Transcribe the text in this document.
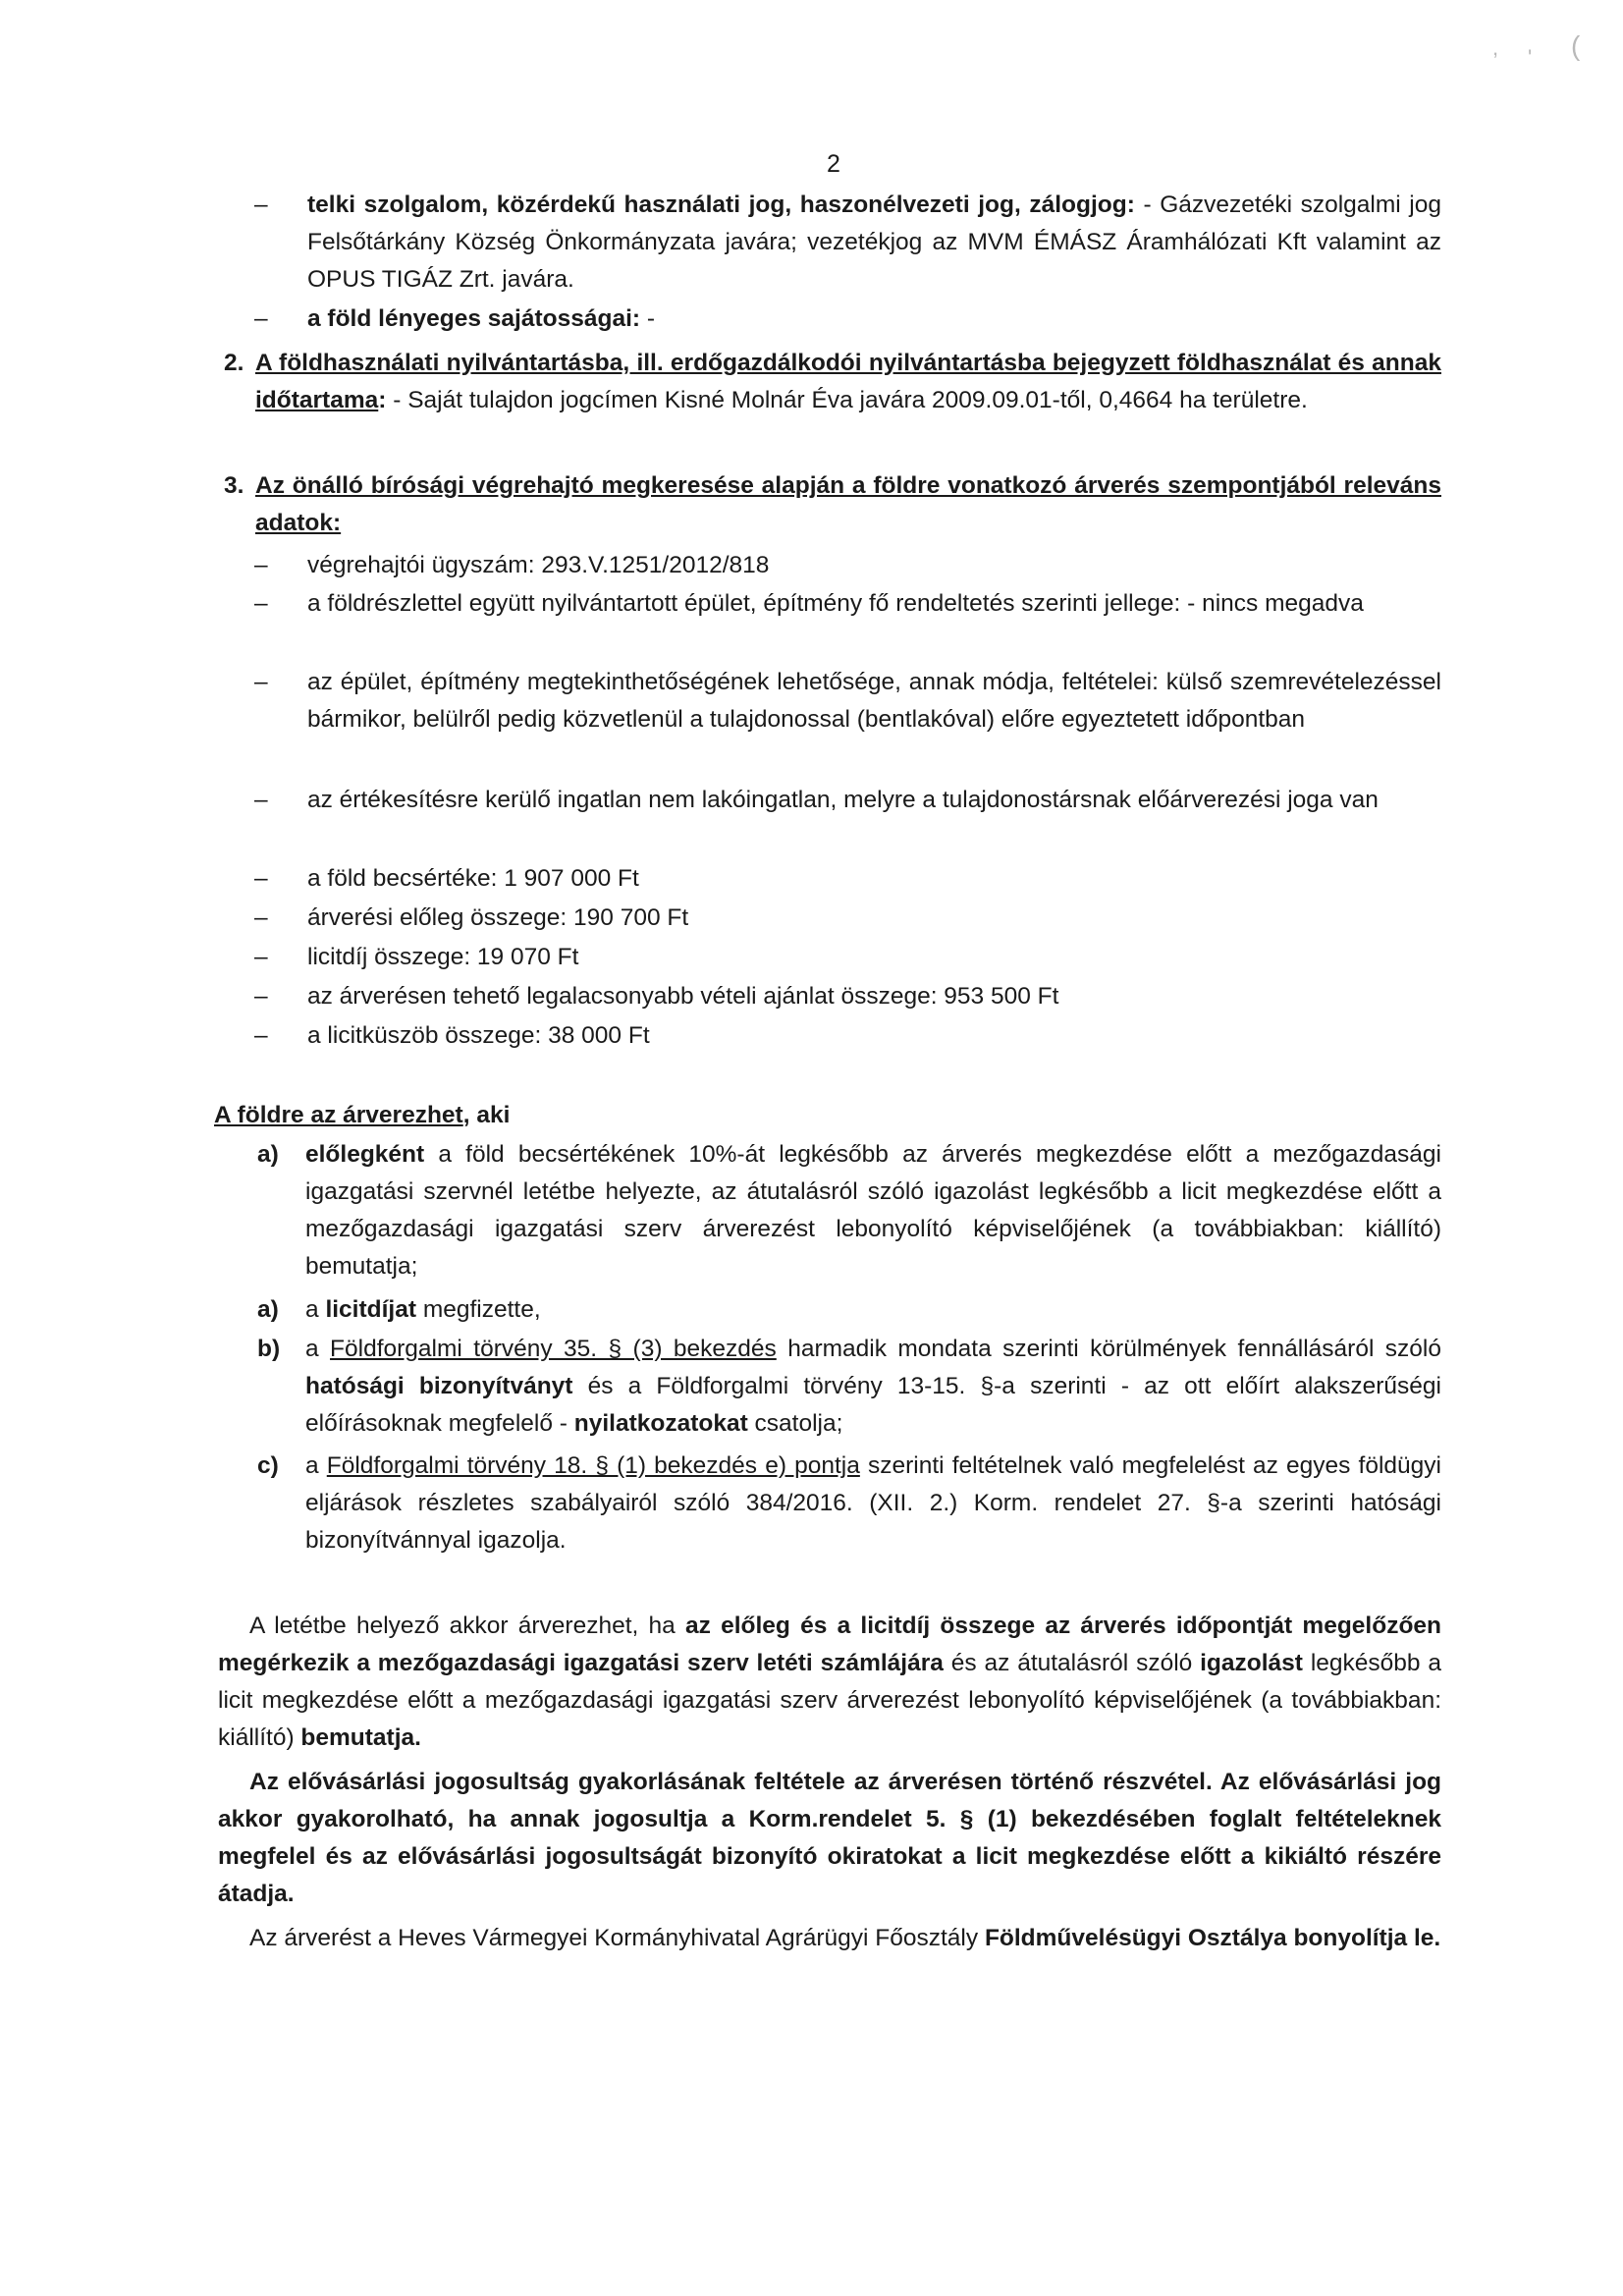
2
– telki szolgalom, közérdekű használati jog, haszonélvezeti jog, zálogjog: - Gázvezetéki szolgalmi jog Felsőtárkány Község Önkormányzata javára; vezetékjog az MVM ÉMÁSZ Áramhálózati Kft valamint az OPUS TIGÁZ Zrt. javára.
– a föld lényeges sajátosságai: -
2. A földhasználati nyilvántartásba, ill. erdőgazdálkodói nyilvántartásba bejegyzett földhasználat és annak időtartama: - Saját tulajdon jogcímen Kisné Molnár Éva javára 2009.09.01-től, 0,4664 ha területre.
3. Az önálló bírósági végrehajtó megkeresése alapján a földre vonatkozó árverés szempontjából releváns adatok:
– végrehajtói ügyszám: 293.V.1251/2012/818
– a földrészlettel együtt nyilvántartott épület, építmény fő rendeltetés szerinti jellege: - nincs megadva
– az épület, építmény megtekinthetőségének lehetősége, annak módja, feltételei: külső szemrevételezéssel bármikor, belülről pedig közvetlenül a tulajdonossal (bentlakóval) előre egyeztetett időpontban
– az értékesítésre kerülő ingatlan nem lakóingatlan, melyre a tulajdonostársnak előárverezési joga van
– a föld becsértéke: 1 907 000 Ft
– árverési előleg összege: 190 700 Ft
– licitdíj összege: 19 070 Ft
– az árverésen tehető legalacsonyabb vételi ajánlat összege: 953 500 Ft
– a licitküszöb összege: 38 000 Ft
A földre az árverezhet, aki
a) előlegként a föld becsértékének 10%-át legkésőbb az árverés megkezdése előtt a mezőgazdasági igazgatási szervnél letétbe helyezte, az átutalásról szóló igazolást legkésőbb a licit megkezdése előtt a mezőgazdasági igazgatási szerv árverezést lebonyolító képviselőjének (a továbbiakban: kiállító) bemutatja;
a) a licitdíjat megfizette,
b) a Földforgalmi törvény 35. § (3) bekezdés harmadik mondata szerinti körülmények fennállásáról szóló hatósági bizonyítványt és a Földforgalmi törvény 13-15. §-a szerinti - az ott előírt alakszerűségi előírásoknak megfelelő - nyilatkozatokat csatolja;
c) a Földforgalmi törvény 18. § (1) bekezdés e) pontja szerinti feltételnek való megfelelést az egyes földügyi eljárások részletes szabályairól szóló 384/2016. (XII. 2.) Korm. rendelet 27. §-a szerinti hatósági bizonyítvánnyal igazolja.
A letétbe helyező akkor árverezhet, ha az előleg és a licitdíj összege az árverés időpontját megelőzően megérkezik a mezőgazdasági igazgatási szerv letéti számlájára és az átutalásról szóló igazolást legkésőbb a licit megkezdése előtt a mezőgazdasági igazgatási szerv árverezést lebonyolító képviselőjének (a továbbiakban: kiállító) bemutatja.
Az elővásárlási jogosultság gyakorlásának feltétele az árverésen történő részvétel. Az elővásárlási jog akkor gyakorolható, ha annak jogosultja a Korm.rendelet 5. § (1) bekezdésében foglalt feltételeknek megfelel és az elővásárlási jogosultságát bizonyító okiratokat a licit megkezdése előtt a kikiáltó részére átadja.
Az árverést a Heves Vármegyei Kormányhivatal Agrárügyi Főosztály Földművelésügyi Osztálya bonyolítja le.
, ' (
